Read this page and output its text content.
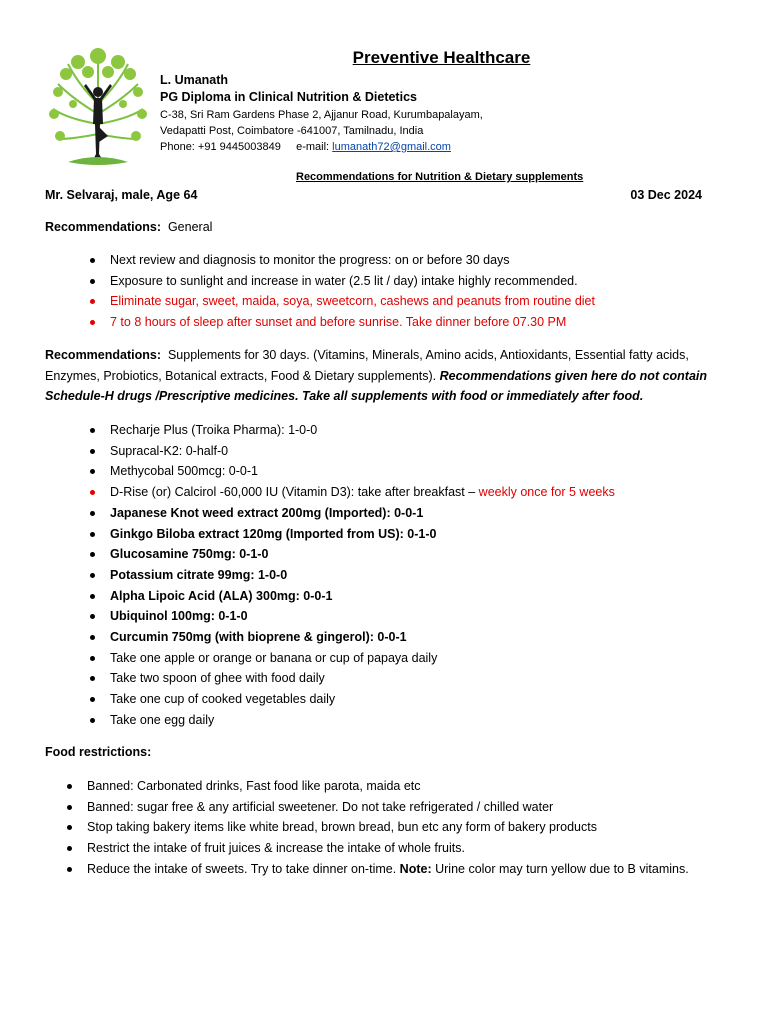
Preventive Healthcare
L. Umanath
PG Diploma in Clinical Nutrition & Dietetics
C-38, Sri Ram Gardens Phase 2, Ajjanur Road, Kurumbapalayam,
Vedapatti Post, Coimbatore -641007, Tamilnadu, India
Phone: +91 9445003849 e-mail: lumanath72@gmail.com
Recommendations for Nutrition & Dietary supplements
Mr. Selvaraj, male, Age 64	03 Dec 2024
Recommendations: General
Next review and diagnosis to monitor the progress: on or before 30 days
Exposure to sunlight and increase in water (2.5 lit / day) intake highly recommended.
Eliminate sugar, sweet, maida, soya, sweetcorn, cashews and peanuts from routine diet
7 to 8 hours of sleep after sunset and before sunrise. Take dinner before 07.30 PM
Recommendations: Supplements for 30 days. (Vitamins, Minerals, Amino acids, Antioxidants, Essential fatty acids, Enzymes, Probiotics, Botanical extracts, Food & Dietary supplements). Recommendations given here do not contain Schedule-H drugs /Prescriptive medicines. Take all supplements with food or immediately after food.
Recharje Plus (Troika Pharma): 1-0-0
Supracal-K2: 0-half-0
Methycobal 500mcg: 0-0-1
D-Rise (or) Calcirol -60,000 IU (Vitamin D3): take after breakfast – weekly once for 5 weeks
Japanese Knot weed extract 200mg (Imported): 0-0-1
Ginkgo Biloba extract 120mg (Imported from US): 0-1-0
Glucosamine 750mg: 0-1-0
Potassium citrate 99mg: 1-0-0
Alpha Lipoic Acid (ALA) 300mg: 0-0-1
Ubiquinol 100mg: 0-1-0
Curcumin 750mg (with bioprene & gingerol): 0-0-1
Take one apple or orange or banana or cup of papaya daily
Take two spoon of ghee with food daily
Take one cup of cooked vegetables daily
Take one egg daily
Food restrictions:
Banned: Carbonated drinks, Fast food like parota, maida etc
Banned: sugar free & any artificial sweetener. Do not take refrigerated / chilled water
Stop taking bakery items like white bread, brown bread, bun etc any form of bakery products
Restrict the intake of fruit juices & increase the intake of whole fruits.
Reduce the intake of sweets. Try to take dinner on-time. Note: Urine color may turn yellow due to B vitamins.
